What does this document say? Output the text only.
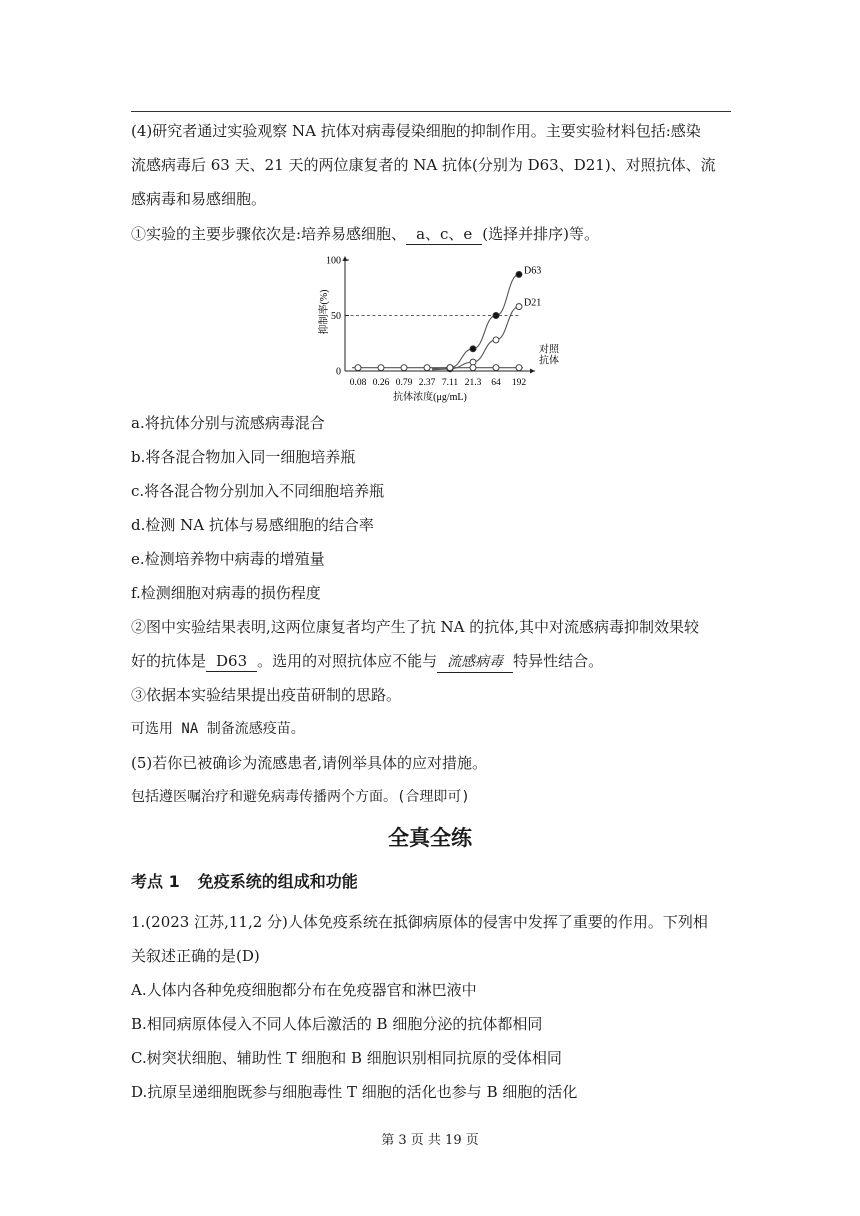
(4)研究者通过实验观察 NA 抗体对病毒侵染细胞的抑制作用。主要实验材料包括:感染
流感病毒后 63 天、21 天的两位康复者的 NA 抗体(分别为 D63、D21)、对照抗体、流
感病毒和易感细胞。
①实验的主要步骤依次是:培养易感细胞、 a、c、e (选择并排序)等。
抑制率(%)
0
50
100
0.08 0.26 0.79 2.37 7.11 21.3 64 192
D63
D21
对照
抗体
抗体浓度(μg/mL)
a.将抗体分别与流感病毒混合
b.将各混合物加入同一细胞培养瓶
c.将各混合物分别加入不同细胞培养瓶
d.检测 NA 抗体与易感细胞的结合率
e.检测培养物中病毒的增殖量
f.检测细胞对病毒的损伤程度
②图中实验结果表明,这两位康复者均产生了抗 NA 的抗体,其中对流感病毒抑制效果较
好的抗体是 D63 。选用的对照抗体应不能与 流感病毒 特异性结合。
③依据本实验结果提出疫苗研制的思路。
可选用 NA 制备流感疫苗。
(5)若你已被确诊为流感患者,请例举具体的应对措施。
包括遵医嘱治疗和避免病毒传播两个方面。(合理即可)
全真全练
考点 1 免疫系统的组成和功能
1.(2023 江苏,11,2 分)人体免疫系统在抵御病原体的侵害中发挥了重要的作用。下列相
关叙述正确的是(D)
A.人体内各种免疫细胞都分布在免疫器官和淋巴液中
B.相同病原体侵入不同人体后激活的 B 细胞分泌的抗体都相同
C.树突状细胞、辅助性 T 细胞和 B 细胞识别相同抗原的受体相同
D.抗原呈递细胞既参与细胞毒性 T 细胞的活化也参与 B 细胞的活化
第 3 页 共 19 页
